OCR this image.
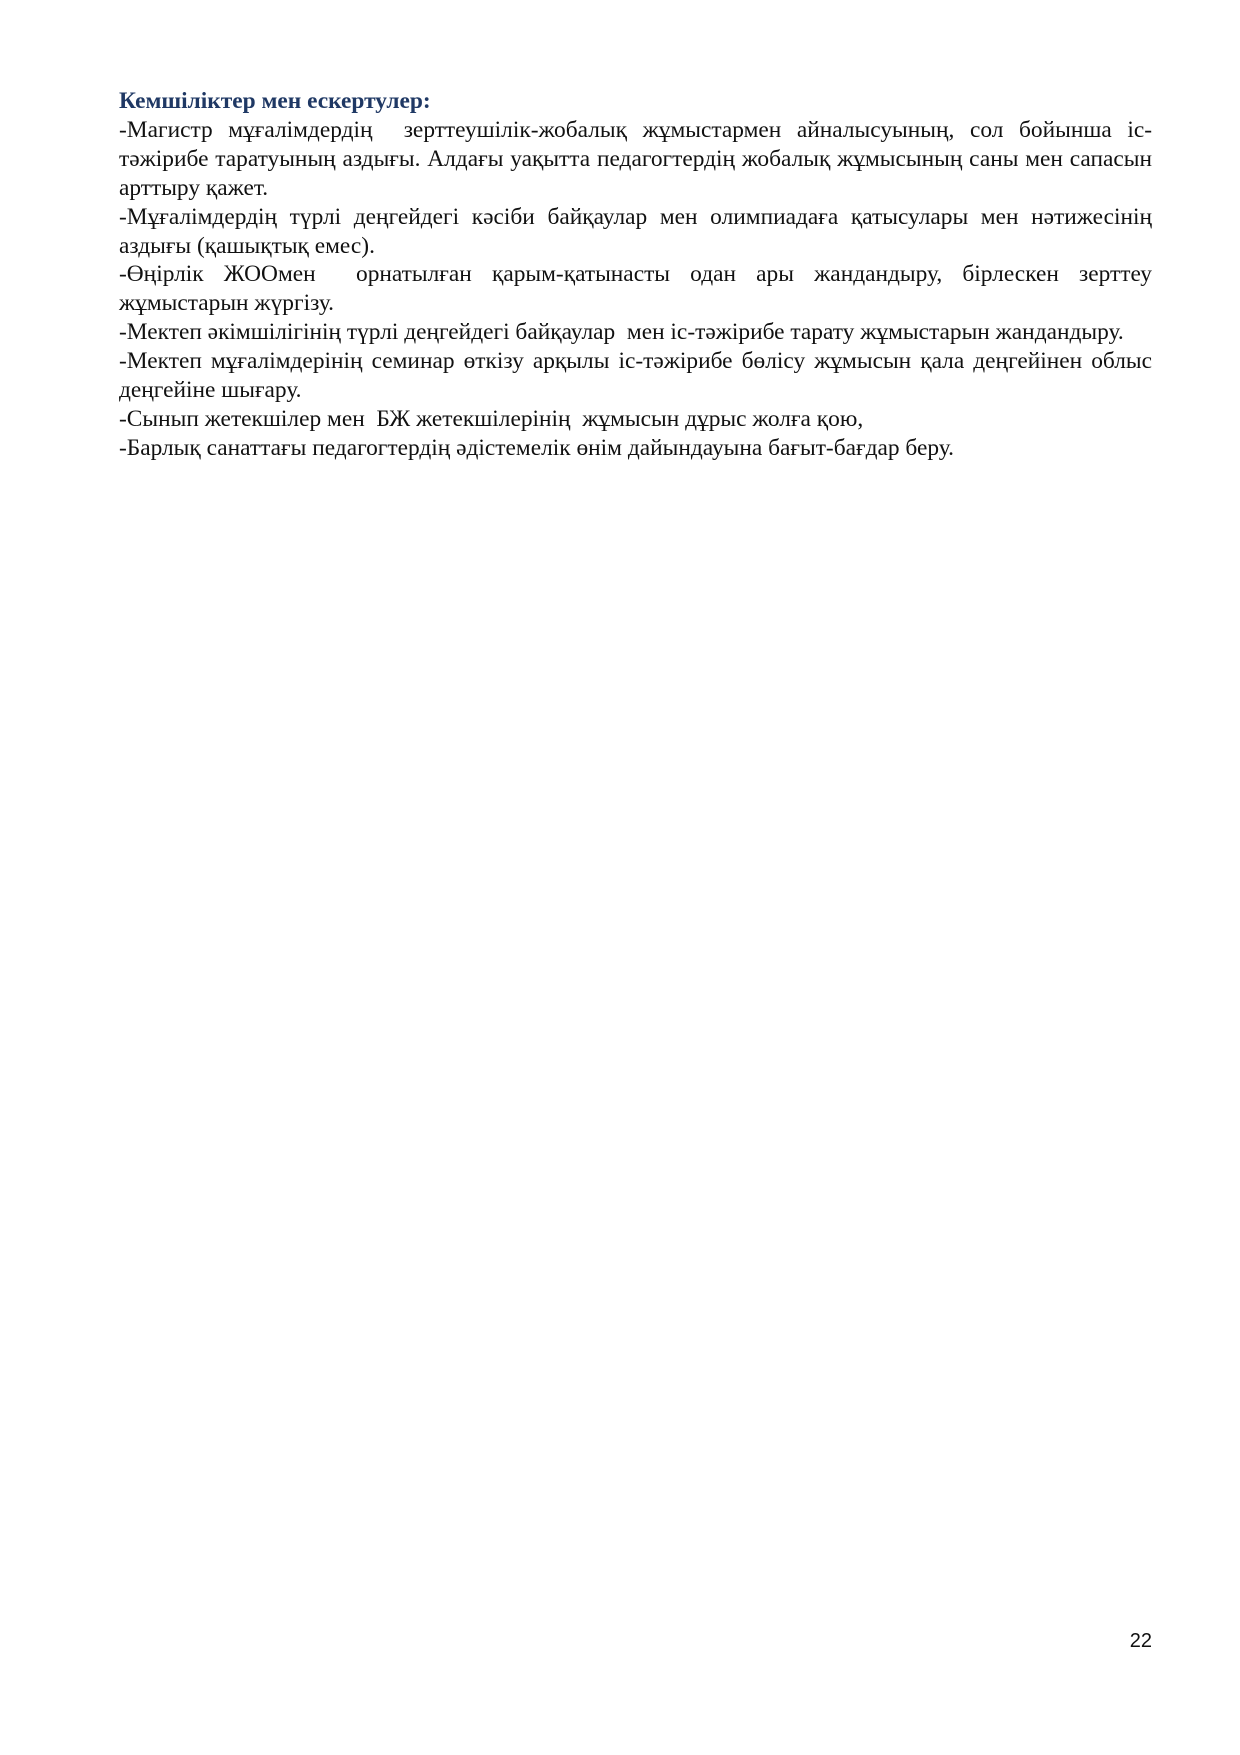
Кемшіліктер мен ескертулер:
-Магистр мұғалімдердің  зерттеушілік-жобалық жұмыстармен айналысуының, сол бойынша іс-тәжірибе таратуының аздығы. Алдағы уақытта педагогтердің жобалық жұмысының саны мен сапасын арттыру қажет.
-Мұғалімдердің түрлі деңгейдегі кәсіби байқаулар мен олимпиадаға қатысулары мен нәтижесінің аздығы (қашықтық емес).
-Өңірлік ЖООмен  орнатылған қарым-қатынасты одан ары жандандыру, бірлескен зерттеу жұмыстарын жүргізу.
-Мектеп әкімшілігінің түрлі деңгейдегі байқаулар  мен іс-тәжірибе тарату жұмыстарын жандандыру.
-Мектеп мұғалімдерінің семинар өткізу арқылы іс-тәжірибе бөлісу жұмысын қала деңгейінен облыс деңгейіне шығару.
-Сынып жетекшілер мен  БЖ жетекшілерінің  жұмысын дұрыс жолға қою,
-Барлық санаттағы педагогтердің әдістемелік өнім дайындауына бағыт-бағдар беру.
22
